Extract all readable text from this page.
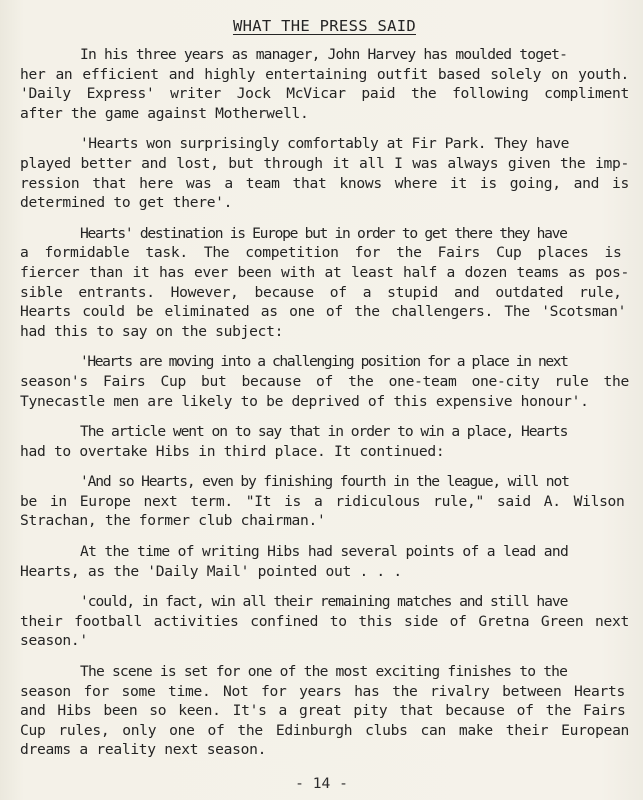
WHAT THE PRESS SAID
In his three years as manager, John Harvey has moulded toget-
her an efficient and highly entertaining outfit based solely on youth.
'Daily Express' writer Jock McVicar paid the following compliment
after the game against Motherwell.
'Hearts won surprisingly comfortably at Fir Park. They have
played better and lost, but through it all I was always given the imp-
ression that here was a team that knows where it is going, and is
determined to get there'.
Hearts' destination is Europe but in order to get there they have
a formidable task. The competition for the Fairs Cup places is
fiercer than it has ever been with at least half a dozen teams as pos-
sible entrants. However, because of a stupid and outdated rule,
Hearts could be eliminated as one of the challengers. The 'Scotsman'
had this to say on the subject:
'Hearts are moving into a challenging position for a place in next
season's Fairs Cup but because of the one-team one-city rule the
Tynecastle men are likely to be deprived of this expensive honour'.
The article went on to say that in order to win a place, Hearts
had to overtake Hibs in third place. It continued:
'And so Hearts, even by finishing fourth in the league, will not
be in Europe next term. "It is a ridiculous rule," said A. Wilson
Strachan, the former club chairman.'
At the time of writing Hibs had several points of a lead and
Hearts, as the 'Daily Mail' pointed out . . .
'could, in fact, win all their remaining matches and still have
their football activities confined to this side of Gretna Green next
season.'
The scene is set for one of the most exciting finishes to the
season for some time. Not for years has the rivalry between Hearts
and Hibs been so keen. It's a great pity that because of the Fairs
Cup rules, only one of the Edinburgh clubs can make their European
dreams a reality next season.
- 14 -
